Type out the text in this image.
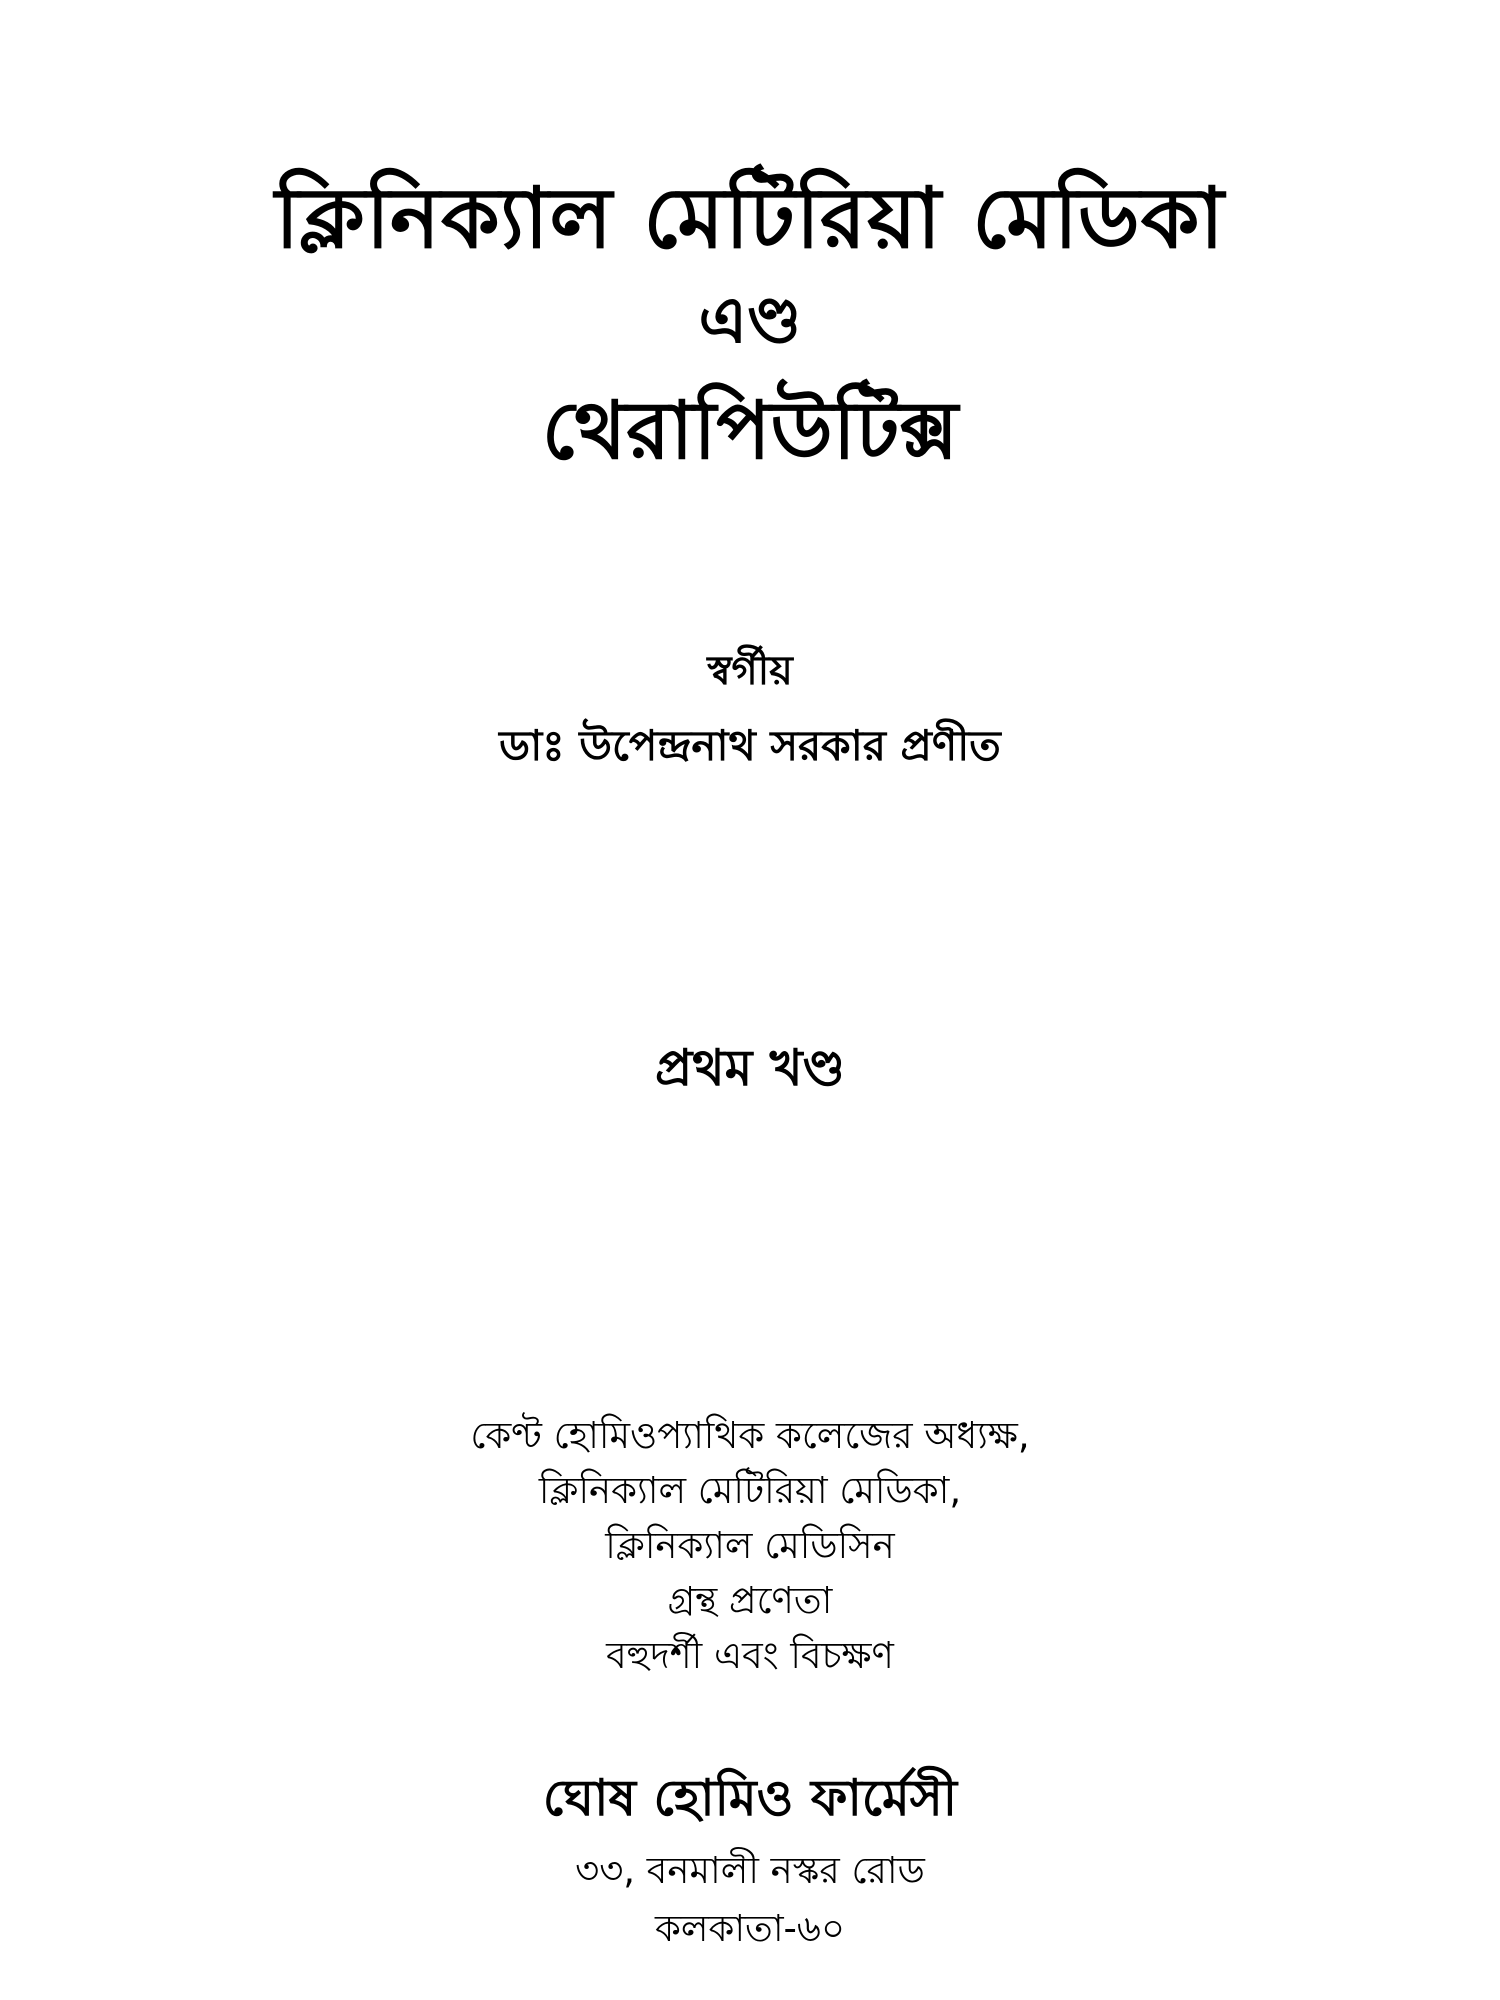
ক্লিনিক্যাল মেটিরিয়া মেডিকা
এণ্ড
থেরাপিউটিক্স
স্বর্গীয়
ডাঃ উপেন্দ্রনাথ সরকার প্রণীত
প্রথম খণ্ড
কেণ্ট হোমিওপ্যাথিক কলেজের অধ্যক্ষ,
ক্লিনিক্যাল মেটিরিয়া মেডিকা,
ক্লিনিক্যাল মেডিসিন
গ্রন্থ প্রণেতা
বহুদর্শী এবং বিচক্ষণ
ঘোষ হোমিও ফার্মেসী
৩৩, বনমালী নস্কর রোড
কলকাতা-৬০
